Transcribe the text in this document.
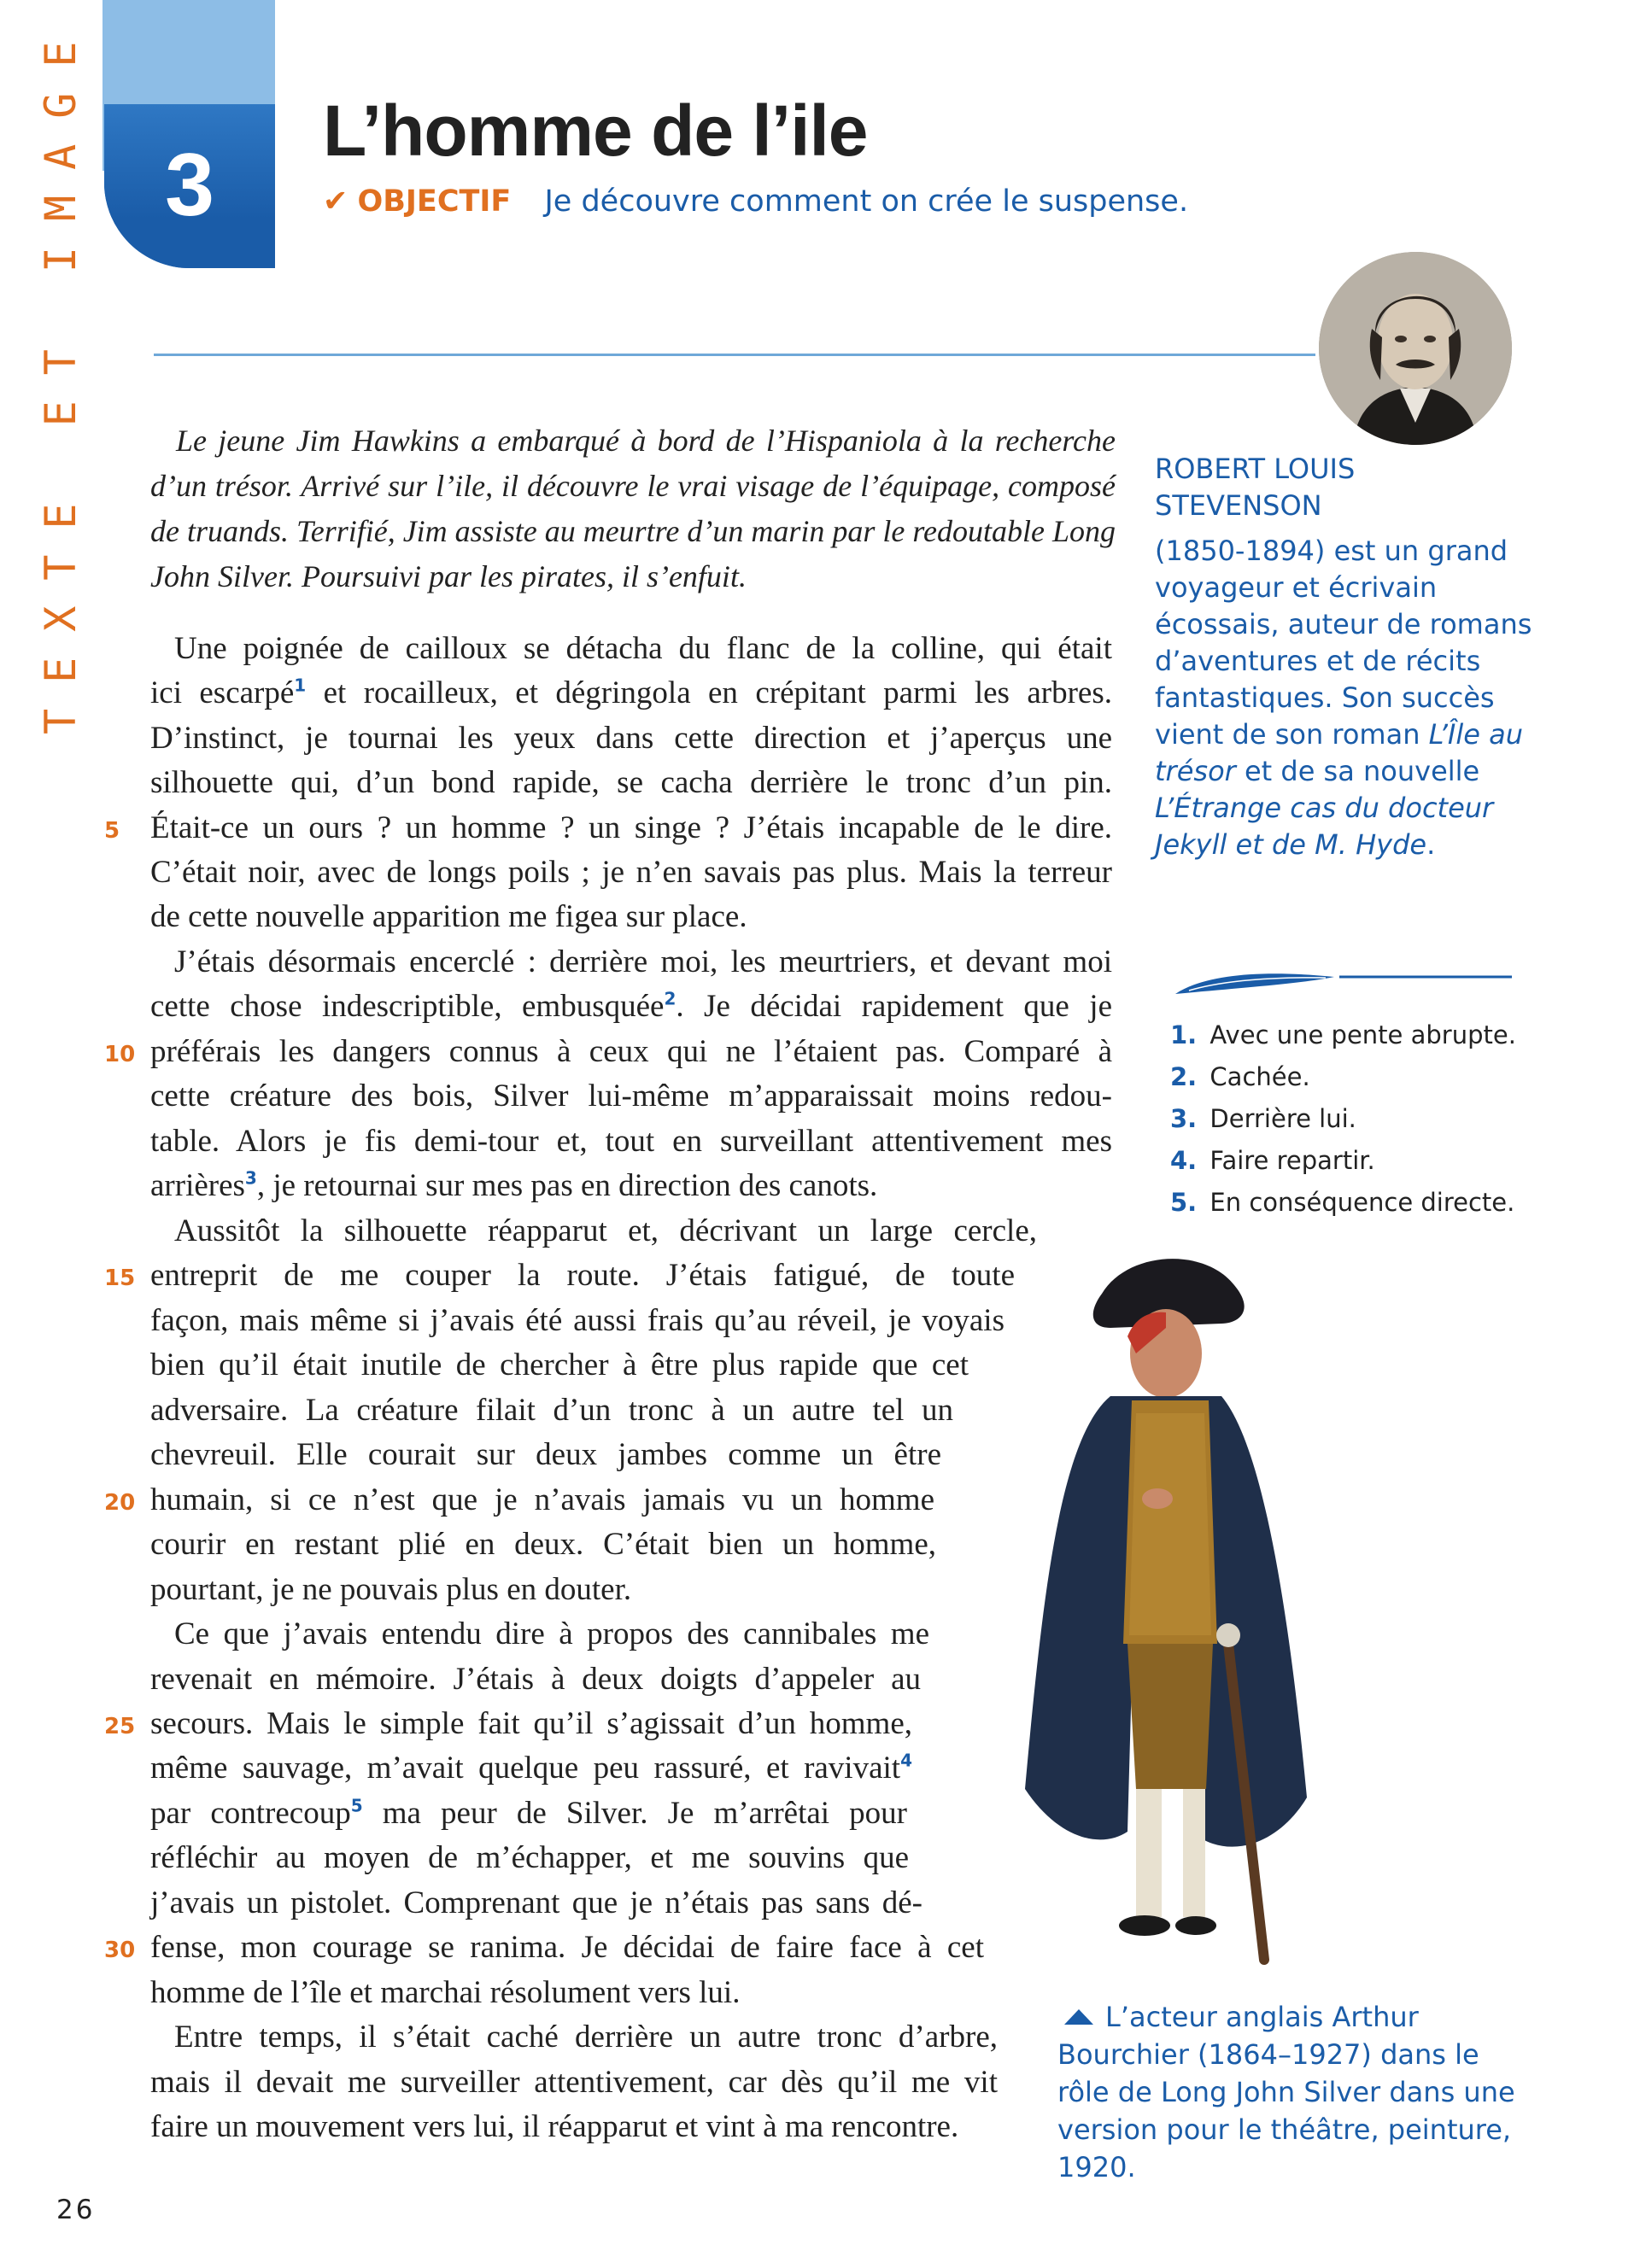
TEXTE ET IMAGE 3
L’homme de l’ile
✔ OBJECTIF Je découvre comment on crée le suspense.
ROBERT LOUIS
STEVENSON

(1850-1894) est un grand voyageur et écrivain écossais, auteur de romans d’aventures et de récits fantastiques. Son succès vient de son roman L’Île au trésor et de sa nouvelle L’Étrange cas du docteur Jekyll et de M. Hyde.

Le jeune Jim Hawkins a embarqué à bord de l’Hispaniola à la recherche d’un trésor. Arrivé sur l’ile, il découvre le vrai visage de l’équipage, composé de truands. Terrifié, Jim assiste au meurtre d’un marin par le redoutable Long John Silver. Poursuivi par les pirates, il s’enfuit.
Une poignée de cailloux se détacha du flanc de la colline, qui était
ici escarpé$^1$ et rocailleux, et dégringola en crépitant parmi les arbres.
D’instinct, je tournai les yeux dans cette direction et j’aperçus une
silhouette qui, d’un bond rapide, se cacha derrière le tronc d’un pin.
Était-ce un ours ? un homme ? un singe ? J’étais incapable de le dire.
C’était noir, avec de longs poils ; je n’en savais pas plus. Mais la terreur
de cette nouvelle apparition me figea sur place.
J’étais désormais encerclé : derrière moi, les meurtriers, et devant moi
cette chose indescriptible, embusquée$^2$. Je décidai rapidement que je
préférais les dangers connus à ceux qui ne l’étaient pas. Comparé à
cette créature des bois, Silver lui-même m’apparaissait moins redou-
table. Alors je fis demi-tour et, tout en surveillant attentivement mes
arrières$^3$, je retournai sur mes pas en direction des canots.
Aussitôt la silhouette réapparut et, décrivant un large cercle,
entreprit de me couper la route. J’étais fatigué, de toute
façon, mais même si j’avais été aussi frais qu’au réveil, je voyais
bien qu’il était inutile de chercher à être plus rapide que cet
adversaire. La créature filait d’un tronc à un autre tel un
chevreuil. Elle courait sur deux jambes comme un être
humain, si ce n’est que je n’avais jamais vu un homme
courir en restant plié en deux. C’était bien un homme,
pourtant, je ne pouvais plus en douter.
Ce que j’avais entendu dire à propos des cannibales me
revenait en mémoire. J’étais à deux doigts d’appeler au
secours. Mais le simple fait qu’il s’agissait d’un homme,
même sauvage, m’avait quelque peu rassuré, et ravivait$^4$
par contrecoup$^5$ ma peur de Silver. Je m’arrêtai pour
réfléchir au moyen de m’échapper, et me souvins que
j’avais un pistolet. Comprenant que je n’étais pas sans dé-
fense, mon courage se ranima. Je décidai de faire face à cet
homme de l’île et marchai résolument vers lui.
Entre temps, il s’était caché derrière un autre tronc d’arbre,
mais il devait me surveiller attentivement, car dès qu’il me vit
faire un mouvement vers lui, il réapparut et vint à ma rencontre.
5
10
15
20
25
30
1. Avec une pente abrupte.
2. Cachée.
3. Derrière lui.
4. Faire repartir.
5. En conséquence directe.
L’acteur anglais Arthur Bourchier (1864–1927) dans le rôle de Long John Silver dans une version pour le théâtre, peinture, 1920.
26
